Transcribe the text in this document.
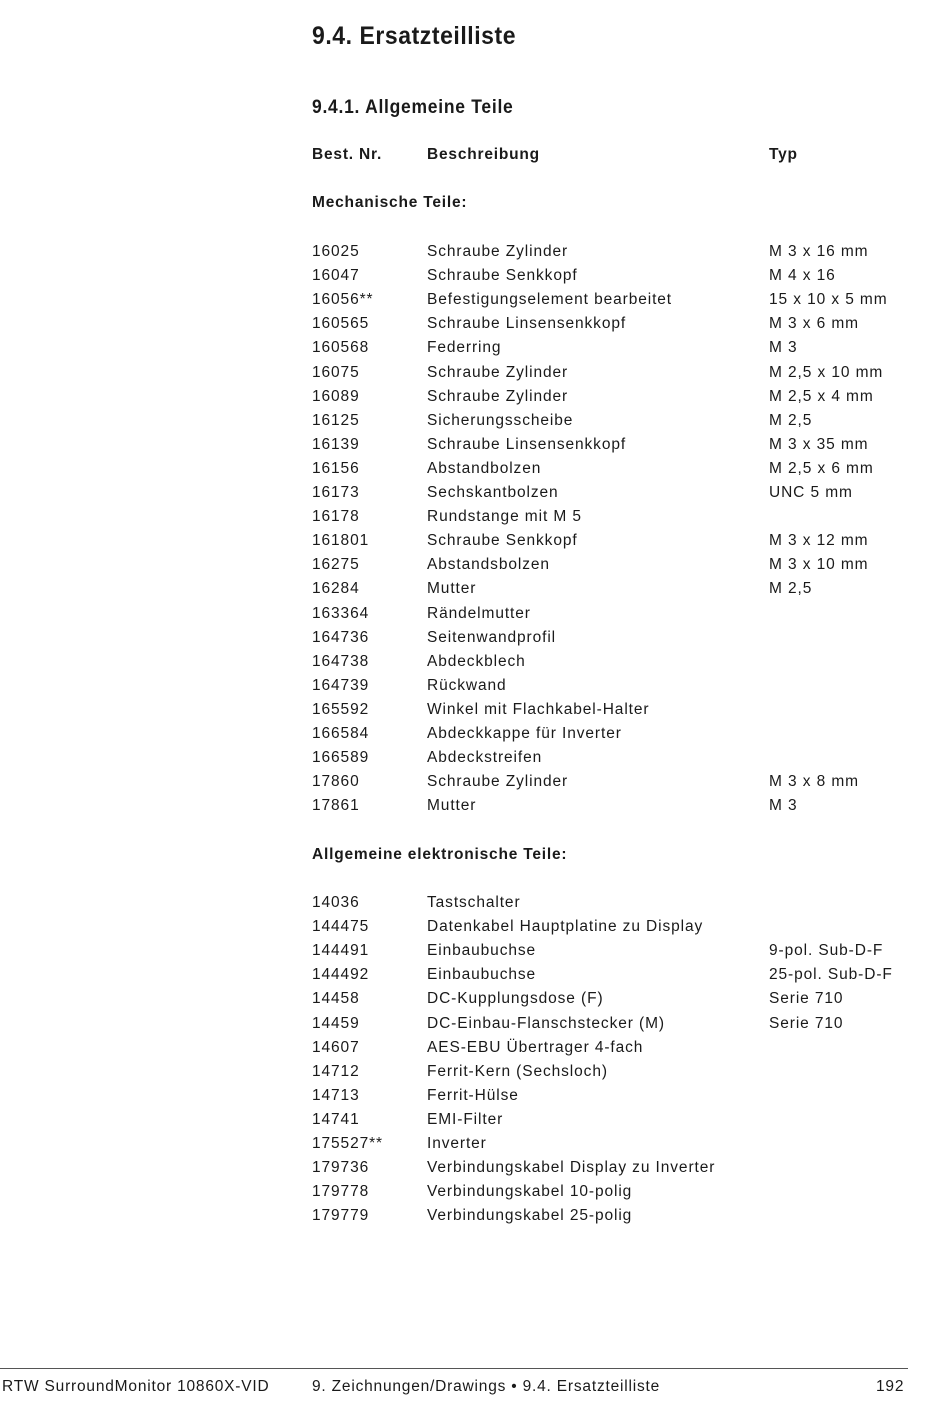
9.4. Ersatzteilliste
9.4.1. Allgemeine Teile
Best. Nr.	Beschreibung	Typ
Mechanische Teile:
16025	Schraube Zylinder	M 3 x 16 mm
16047	Schraube Senkkopf	M 4 x 16
16056**	Befestigungselement bearbeitet	15 x 10 x 5 mm
160565	Schraube Linsensenkkopf	M 3 x 6 mm
160568	Federring	M 3
16075	Schraube Zylinder	M 2,5 x 10 mm
16089	Schraube Zylinder	M 2,5 x 4 mm
16125	Sicherungsscheibe	M 2,5
16139	Schraube Linsensenkkopf	M 3 x 35 mm
16156	Abstandbolzen	M 2,5 x 6 mm
16173	Sechskantbolzen	UNC 5 mm
16178	Rundstange mit M 5
161801	Schraube Senkkopf	M 3 x 12 mm
16275	Abstandsbolzen	M 3 x 10 mm
16284	Mutter	M 2,5
163364	Rändelmutter
164736	Seitenwandprofil
164738	Abdeckblech
164739	Rückwand
165592	Winkel mit Flachkabel-Halter
166584	Abdeckkappe für Inverter
166589	Abdeckstreifen
17860	Schraube Zylinder	M 3 x 8 mm
17861	Mutter	M 3
Allgemeine elektronische Teile:
14036	Tastschalter
144475	Datenkabel Hauptplatine zu Display
144491	Einbaubuchse	9-pol. Sub-D-F
144492	Einbaubuchse	25-pol. Sub-D-F
14458	DC-Kupplungsdose (F)	Serie 710
14459	DC-Einbau-Flanschstecker (M)	Serie 710
14607	AES-EBU Übertrager 4-fach
14712	Ferrit-Kern (Sechsloch)
14713	Ferrit-Hülse
14741	EMI-Filter
175527**	Inverter
179736	Verbindungskabel Display zu Inverter
179778	Verbindungskabel 10-polig
179779	Verbindungskabel 25-polig
RTW SurroundMonitor 10860X-VID	9. Zeichnungen/Drawings • 9.4. Ersatzteilliste	192
